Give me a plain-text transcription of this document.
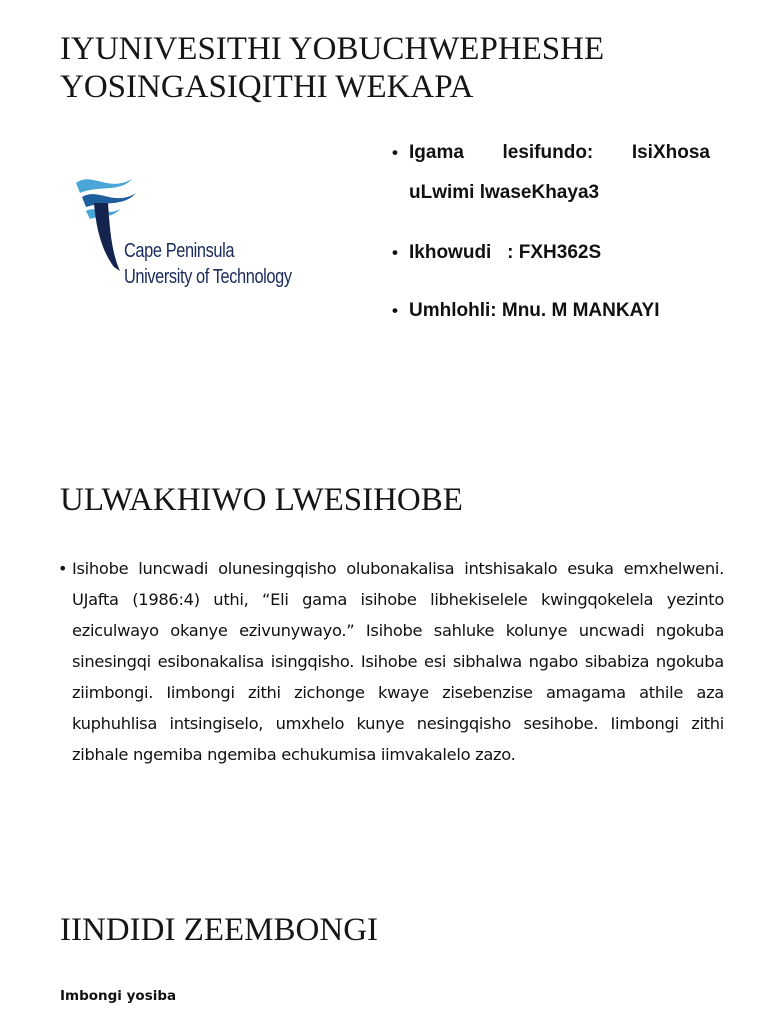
IYUNIVESITHI YOBUCHWEPHESHE YOSINGASIQITHI WEKAPA
Cape Peninsula
University of Technology
• Igama lesifundo: IsiXhosa
uLwimi lwaseKhaya3
• Ikhowudi   : FXH362S
• Umhlohli: Mnu. M MANKAYI
ULWAKHIWO LWESIHOBE

• Isihobe luncwadi olunesingqisho olubonakalisa intshisakalo esuka emxhelweni. UJafta (1986:4) uthi, “Eli gama isihobe libhekiselele kwingqokelela yezinto eziculwayo okanye ezivunywayo.” Isihobe sahluke kolunye uncwadi ngokuba sinesingqi esibonakalisa isingqisho. Isihobe esi sibhalwa ngabo sibabiza ngokuba ziimbongi. Iimbongi zithi zichonge kwaye zisebenzise amagama athile aza kuphuhlisa intsingiselo, umxhelo kunye nesingqisho sesihobe. Iimbongi zithi zibhale ngemiba ngemiba echukumisa iimvakalelo zazo.

IINDIDI ZEEMBONGI

Imbongi yosiba
